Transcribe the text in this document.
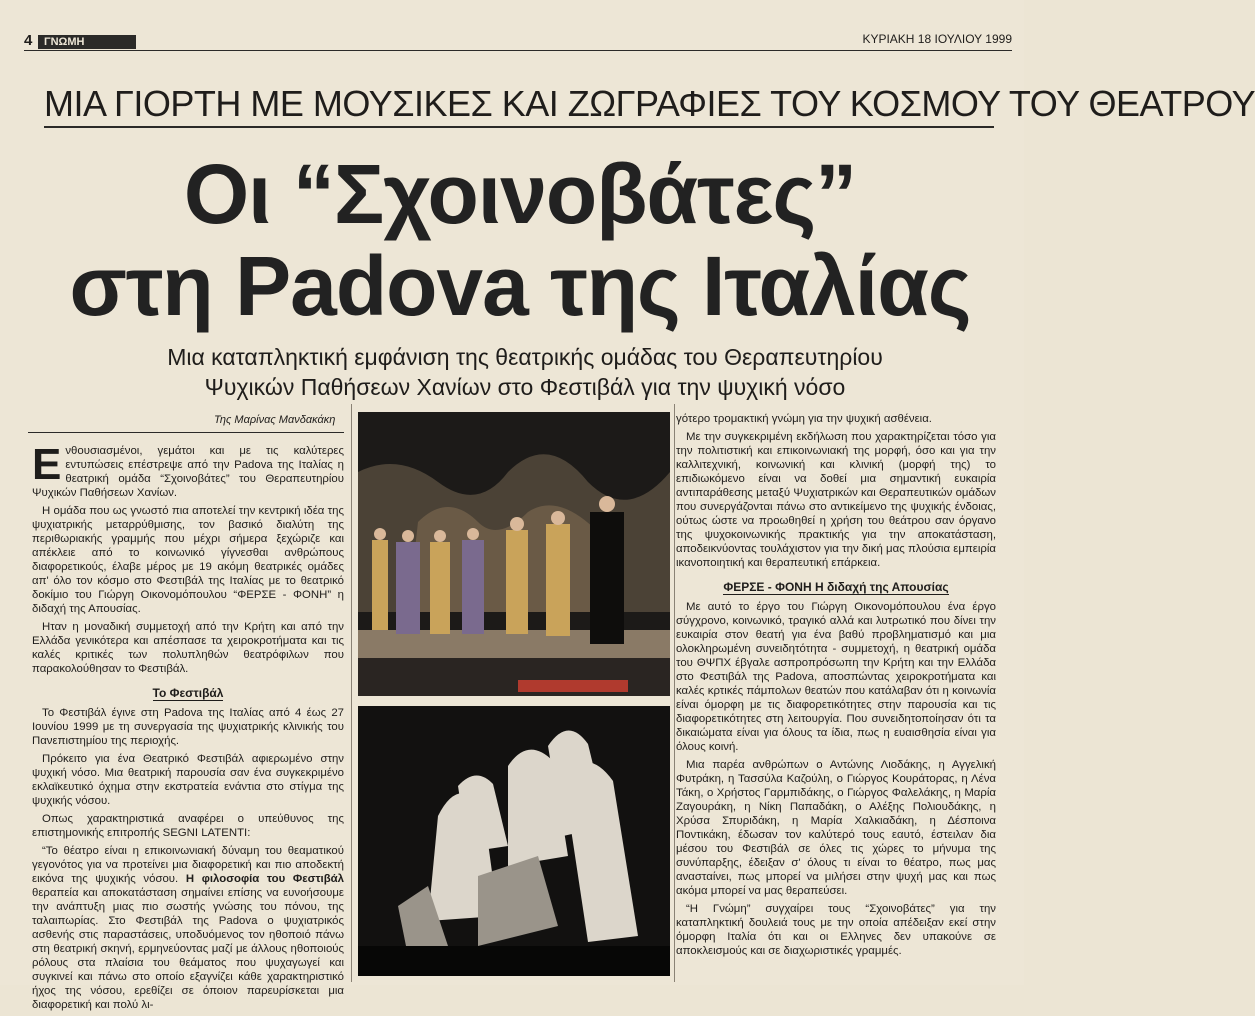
4	ΓΝΩΜΗ	ΚΥΡΙΑΚΗ 18 ΙΟΥΛΙΟΥ 1999
ΜΙΑ ΓΙΟΡΤΗ ΜΕ ΜΟΥΣΙΚΕΣ ΚΑΙ ΖΩΓΡΑΦΙΕΣ ΤΟΥ ΚΟΣΜΟΥ ΤΟΥ ΘΕΑΤΡΟΥ
Οι “Σχοινοβάτες”
στη Padova της Ιταλίας
Μια καταπληκτική εμφάνιση της θεατρικής ομάδας του Θεραπευτηρίου
Ψυχικών Παθήσεων Χανίων στο Φεστιβάλ για την ψυχική νόσο
Της Μαρίνας Μανδακάκη

Ενθουσιασμένοι, γεμάτοι και με τις καλύτερες εντυπώσεις επέστρεψε από την Padova της Ιταλίας η θεατρική ομάδα “Σχοινοβάτες” του Θεραπευτηρίου Ψυχικών Παθήσεων Χανίων.

Η ομάδα που ως γνωστό πια αποτελεί την κεντρική ιδέα της ψυχιατρικής μεταρρύθμισης, τον βασικό διαλύτη της περιθωριακής γραμμής που μέχρι σήμερα ξεχώριζε και απέκλειε από το κοινωνικό γίγνεσθαι ανθρώπους διαφορετικούς, έλαβε μέρος με 19 ακόμη θεατρικές ομάδες απ' όλο τον κόσμο στο Φεστιβάλ της Ιταλίας με το θεατρικό δοκίμιο του Γιώργη Οικονομόπουλου “ΦΕΡΣΕ - ΦΟΝΗ” η διδαχή της Απουσίας.

Ηταν η μοναδική συμμετοχή από την Κρήτη και από την Ελλάδα γενικότερα και απέσπασε τα χειροκροτήματα και τις καλές κριτικές των πολυπληθών θεατρόφιλων που παρακολούθησαν το Φεστιβάλ.

Το Φεστιβάλ

Το Φεστιβάλ έγινε στη Padova της Ιταλίας από 4 έως 27 Ιουνίου 1999 με τη συνεργασία της ψυχιατρικής κλινικής του Πανεπιστημίου της περιοχής.

Πρόκειτο για ένα Θεατρικό Φεστιβάλ αφιερωμένο στην ψυχική νόσο. Μια θεατρική παρουσία σαν ένα συγκεκριμένο εκλαϊκευτικό όχημα στην εκστρατεία ενάντια στο στίγμα της ψυχικής νόσου.

Οπως χαρακτηριστικά αναφέρει ο υπεύθυνος της επιστημονικής επιτροπής SEGNI LATENTI:

“Το θέατρο είναι η επικοινωνιακή δύναμη του θεαματικού γεγονότος για να προτείνει μια διαφορετική και πιο αποδεκτή εικόνα της ψυχικής νόσου. Η φιλοσοφία του Φεστιβάλ θεραπεία και αποκατάσταση σημαίνει επίσης να ευνοήσουμε την ανάπτυξη μιας πιο σωστής γνώσης του πόνου, της ταλαιπωρίας. Στο Φεστιβάλ της Padova ο ψυχιατρικός ασθενής στις παραστάσεις, υποδυόμενος τον ηθοποιό πάνω στη θεατρική σκηνή, ερμηνεύοντας μαζί με άλλους ηθοποιούς ρόλους στα πλαίσια του θεάματος που ψυχαγωγεί και συγκινεί και πάνω στο οποίο εξαγνίζει κάθε χαρακτηριστικό ήχος της νόσου, ερεθίζει σε όποιον παρευρίσκεται μια διαφορετική και πολύ λι-

γότερο τρομακτική γνώμη για την ψυχική ασθένεια.

Με την συγκεκριμένη εκδήλωση που χαρακτηρίζεται τόσο για την πολιτιστική και επικοινωνιακή της μορφή, όσο και για την καλλιτεχνική, κοινωνική και κλινική (μορφή της) το επιδιωκόμενο είναι να δοθεί μια σημαντική ευκαιρία αντιπαράθεσης μεταξύ Ψυχιατρικών και Θεραπευτικών ομάδων που συνεργάζονται πάνω στο αντικείμενο της ψυχικής ένδοιας, ούτως ώστε να προωθηθεί η χρήση του θεάτρου σαν όργανο της ψυχοκοινωνικής πρακτικής για την αποκατάσταση, αποδεικνύοντας τουλάχιστον για την δική μας πλούσια εμπειρία ικανοποιητική και θεραπευτική επάρκεια.

ΦΕΡΣΕ - ΦΟΝΗ Η διδαχή της Απουσίας

Με αυτό το έργο του Γιώργη Οικονομόπουλου ένα έργο σύγχρονο, κοινωνικό, τραγικό αλλά και λυτρωτικό που δίνει την ευκαιρία στον θεατή για ένα βαθύ προβληματισμό και μια ολοκληρωμένη συνειδητότητα - συμμετοχή, η θεατρική ομάδα του ΘΨΠΧ έβγαλε ασπροπρόσωπη την Κρήτη και την Ελλάδα στο Φεστιβάλ της Padova, αποσπώντας χειροκροτήματα και καλές κρτικές πάμπολων θεατών που κατάλαβαν ότι η κοινωνία είναι όμορφη με τις διαφορετικότητες στην παρουσία και τις διαφορετικότητες στη λειτουργία. Που συνειδητοποίησαν ότι τα δικαιώματα είναι για όλους τα ίδια, πως η ευαισθησία είναι για όλους κοινή.

Μια παρέα ανθρώπων ο Αντώνης Λιοδάκης, η Αγγελική Φυτράκη, η Τασσύλα Καζούλη, ο Γιώργος Κουράτορας, η Λένα Τάκη, ο Χρήστος Γαρμπιδάκης, ο Γιώργος Φαλελάκης, η Μαρία Ζαγουράκη, η Νίκη Παπαδάκη, ο Αλέξης Πολιουδάκης, η Χρύσα Σπυριδάκη, η Μαρία Χαλκιαδάκη, η Δέσποινα Ποντικάκη, έδωσαν τον καλύτερό τους εαυτό, έστειλαν δια μέσου του Φεστιβάλ σε όλες τις χώρες το μήνυμα της συνύπαρξης, έδειξαν σ' όλους τι είναι το θέατρο, πως μας ανασταίνει, πως μπορεί να μιλήσει στην ψυχή μας και πως ακόμα μπορεί να μας θεραπεύσει.

“Η Γνώμη” συγχαίρει τους “Σχοινοβάτες” για την καταπληκτική δουλειά τους με την οποία απέδειξαν εκεί στην όμορφη Ιταλία ότι και οι Ελληνες δεν υπακούνε σε αποκλεισμούς και σε διαχωριστικές γραμμές.
